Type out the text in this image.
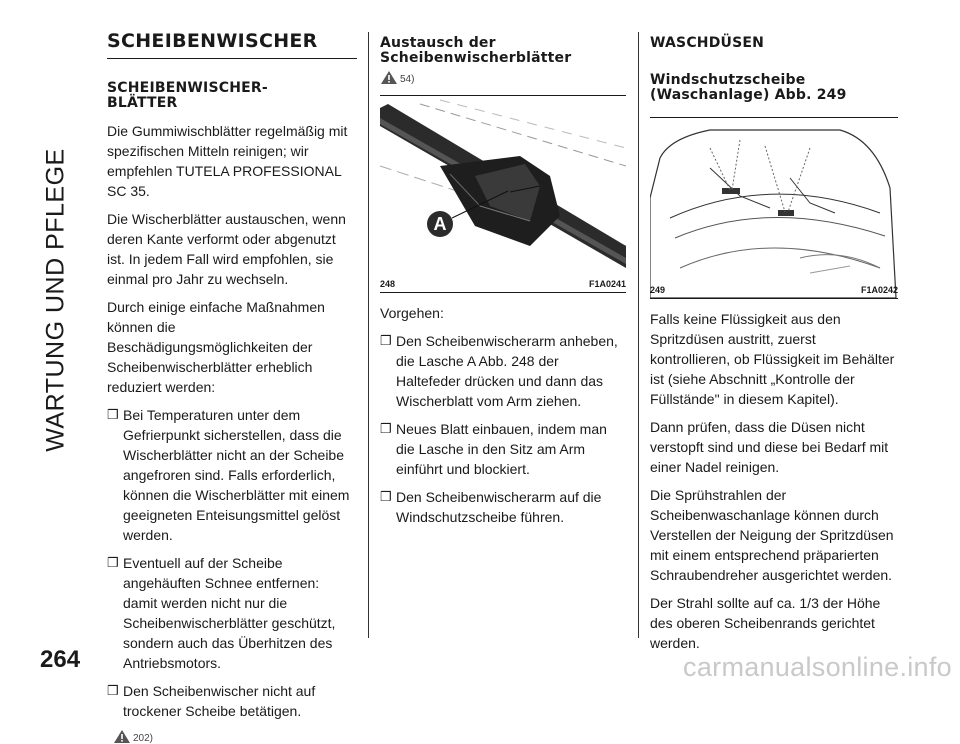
WARTUNG UND PFLEGE
264	carmanualsonline.info
SCHEIBENWISCHER
SCHEIBENWISCHER-
BLÄTTER

Die Gummiwischblätter regelmäßig mit spezifischen Mitteln reinigen; wir empfehlen TUTELA PROFESSIONAL SC 35.

Die Wischerblätter austauschen, wenn deren Kante verformt oder abgenutzt ist. In jedem Fall wird empfohlen, sie einmal pro Jahr zu wechseln.

Durch einige einfache Maßnahmen können die Beschädigungsmöglichkeiten der Scheibenwischerblätter erheblich reduziert werden:

❒ Bei Temperaturen unter dem Gefrierpunkt sicherstellen, dass die Wischerblätter nicht an der Scheibe angefroren sind. Falls erforderlich, können die Wischerblätter mit einem geeigneten Enteisungsmittel gelöst werden.
❒ Eventuell auf der Scheibe angehäuften Schnee entfernen: damit werden nicht nur die Scheibenwischerblätter geschützt, sondern auch das Überhitzen des Antriebsmotors.
❒ Den Scheibenwischer nicht auf trockener Scheibe betätigen.
202)
Austausch der
Scheibenwischerblätter
54)
A
248	F1A0241

Vorgehen:

❒ Den Scheibenwischerarm anheben, die Lasche A Abb. 248 der Haltefeder drücken und dann das Wischerblatt vom Arm ziehen.
❒ Neues Blatt einbauen, indem man die Lasche in den Sitz am Arm einführt und blockiert.
❒ Den Scheibenwischerarm auf die Windschutzscheibe führen.
WASCHDÜSEN
Windschutzscheibe
(Waschanlage) Abb. 249
249	F1A0242

Falls keine Flüssigkeit aus den Spritzdüsen austritt, zuerst kontrollieren, ob Flüssigkeit im Behälter ist (siehe Abschnitt „Kontrolle der Füllstände" in diesem Kapitel).

Dann prüfen, dass die Düsen nicht verstopft sind und diese bei Bedarf mit einer Nadel reinigen.

Die Sprühstrahlen der Scheibenwaschanlage können durch Verstellen der Neigung der Spritzdüsen mit einem entsprechend präparierten Schraubendreher ausgerichtet werden.

Der Strahl sollte auf ca. 1/3 der Höhe des oberen Scheibenrands gerichtet werden.
